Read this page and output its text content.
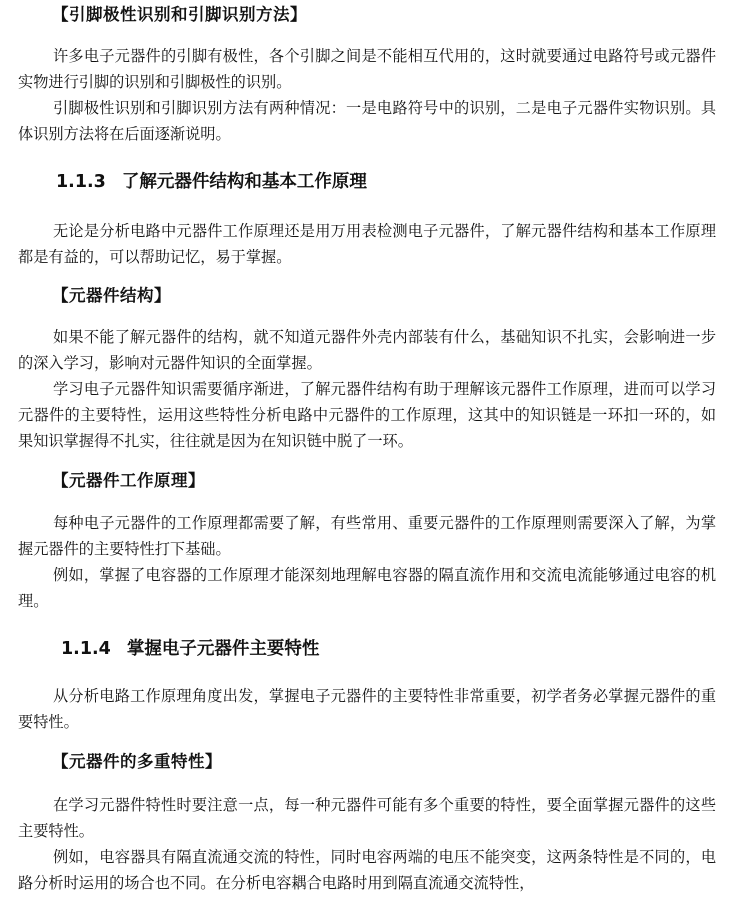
【引脚极性识别和引脚识别方法】
许多电子元器件的引脚有极性，各个引脚之间是不能相互代用的，这时就要通过电路符号或元器件实物进行引脚的识别和引脚极性的识别。
引脚极性识别和引脚识别方法有两种情况：一是电路符号中的识别，二是电子元器件实物识别。具体识别方法将在后面逐渐说明。
1.1.3 了解元器件结构和基本工作原理
无论是分析电路中元器件工作原理还是用万用表检测电子元器件，了解元器件结构和基本工作原理都是有益的，可以帮助记忆，易于掌握。
【元器件结构】
如果不能了解元器件的结构，就不知道元器件外壳内部装有什么，基础知识不扎实，会影响进一步的深入学习，影响对元器件知识的全面掌握。
学习电子元器件知识需要循序渐进，了解元器件结构有助于理解该元器件工作原理，进而可以学习元器件的主要特性，运用这些特性分析电路中元器件的工作原理，这其中的知识链是一环扣一环的，如果知识掌握得不扎实，往往就是因为在知识链中脱了一环。
【元器件工作原理】
每种电子元器件的工作原理都需要了解，有些常用、重要元器件的工作原理则需要深入了解，为掌握元器件的主要特性打下基础。
例如，掌握了电容器的工作原理才能深刻地理解电容器的隔直流作用和交流电流能够通过电容的机理。
1.1.4 掌握电子元器件主要特性
从分析电路工作原理角度出发，掌握电子元器件的主要特性非常重要，初学者务必掌握元器件的重要特性。
【元器件的多重特性】
在学习元器件特性时要注意一点，每一种元器件可能有多个重要的特性，要全面掌握元器件的这些主要特性。
例如，电容器具有隔直流通交流的特性，同时电容两端的电压不能突变，这两条特性是不同的，电路分析时运用的场合也不同。在分析电容耦合电路时用到隔直流通交流特性，
